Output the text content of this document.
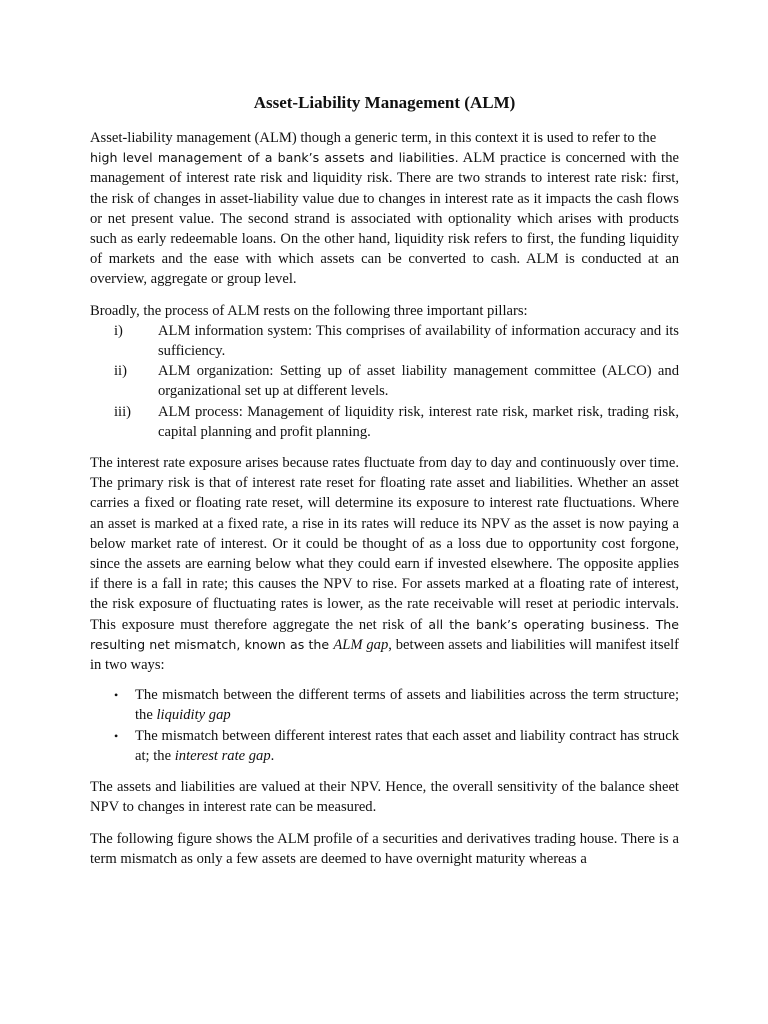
Asset-Liability Management (ALM)

Asset-liability management (ALM) though a generic term, in this context it is used to refer to the
high level management of a bank’s assets and liabilities. ALM practice is concerned with the management of interest rate risk and liquidity risk. There are two strands to interest rate risk: first, the risk of changes in asset-liability value due to changes in interest rate as it impacts the cash flows or net present value. The second strand is associated with optionality which arises with products such as early redeemable loans. On the other hand, liquidity risk refers to first, the funding liquidity of markets and the ease with which assets can be converted to cash. ALM is conducted at an overview, aggregate or group level.

Broadly, the process of ALM rests on the following three important pillars:

i)	ALM information system: This comprises of availability of information accuracy and its sufficiency.
ii)	ALM organization: Setting up of asset liability management committee (ALCO) and organizational set up at different levels.
iii)	ALM process: Management of liquidity risk, interest rate risk, market risk, trading risk, capital planning and profit planning.

The interest rate exposure arises because rates fluctuate from day to day and continuously over time. The primary risk is that of interest rate reset for floating rate asset and liabilities. Whether an asset carries a fixed or floating rate reset, will determine its exposure to interest rate fluctuations. Where an asset is marked at a fixed rate, a rise in its rates will reduce its NPV as the asset is now paying a below market rate of interest. Or it could be thought of as a loss due to opportunity cost forgone, since the assets are earning below what they could earn if invested elsewhere. The opposite applies if there is a fall in rate; this causes the NPV to rise. For assets marked at a floating rate of interest, the risk exposure of fluctuating rates is lower, as the rate receivable will reset at periodic intervals. This exposure must therefore aggregate the net risk of all the bank’s operating business. The resulting net mismatch, known as the ALM gap, between assets and liabilities will manifest itself in two ways:

•	The mismatch between the different terms of assets and liabilities across the term structure; the liquidity gap
•	The mismatch between different interest rates that each asset and liability contract has struck at; the interest rate gap.

The assets and liabilities are valued at their NPV. Hence, the overall sensitivity of the balance sheet NPV to changes in interest rate can be measured.

The following figure shows the ALM profile of a securities and derivatives trading house. There is a term mismatch as only a few assets are deemed to have overnight maturity whereas a
